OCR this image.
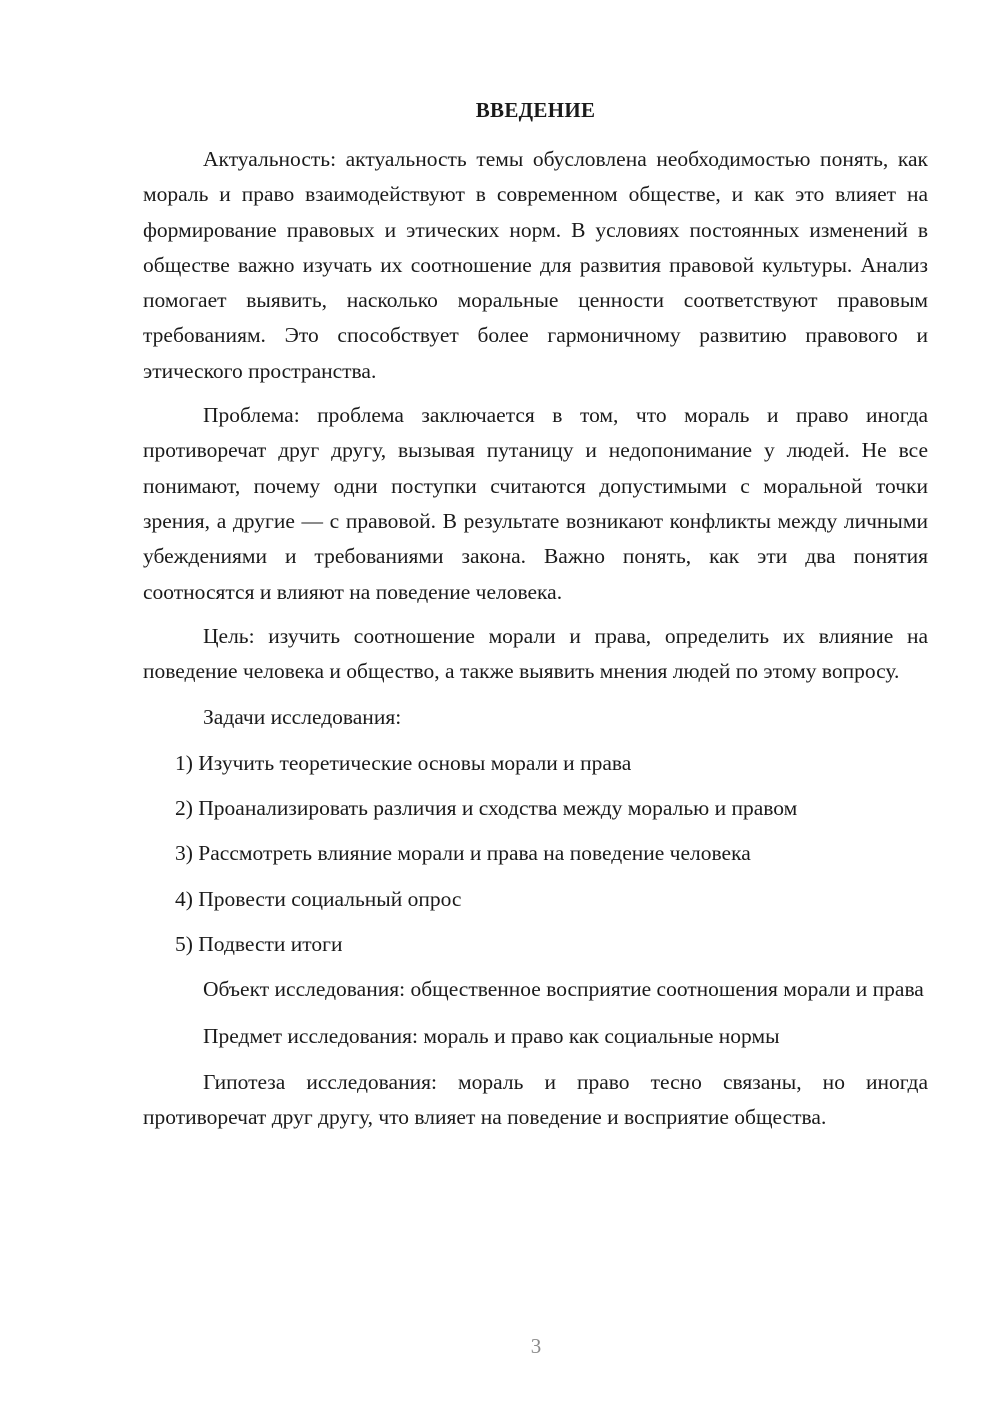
ВВЕДЕНИЕ

Актуальность: актуальность темы обусловлена необходимостью понять, как мораль и право взаимодействуют в современном обществе, и как это влияет на формирование правовых и этических норм. В условиях постоянных изменений в обществе важно изучать их соотношение для развития правовой культуры. Анализ помогает выявить, насколько моральные ценности соответствуют правовым требованиям. Это способствует более гармоничному развитию правового и этического пространства.

Проблема: проблема заключается в том, что мораль и право иногда противоречат друг другу, вызывая путаницу и недопонимание у людей. Не все понимают, почему одни поступки считаются допустимыми с моральной точки зрения, а другие — с правовой. В результате возникают конфликты между личными убеждениями и требованиями закона. Важно понять, как эти два понятия соотносятся и влияют на поведение человека.

Цель: изучить соотношение морали и права, определить их влияние на поведение человека и общество, а также выявить мнения людей по этому вопросу.

Задачи исследования:
1) Изучить теоретические основы морали и права
2) Проанализировать различия и сходства между моралью и правом
3) Рассмотреть влияние морали и права на поведение человека
4) Провести социальный опрос
5) Подвести итоги

Объект исследования: общественное восприятие соотношения морали и права

Предмет исследования: мораль и право как социальные нормы

Гипотеза исследования: мораль и право тесно связаны, но иногда противоречат друг другу, что влияет на поведение и восприятие общества.

3
